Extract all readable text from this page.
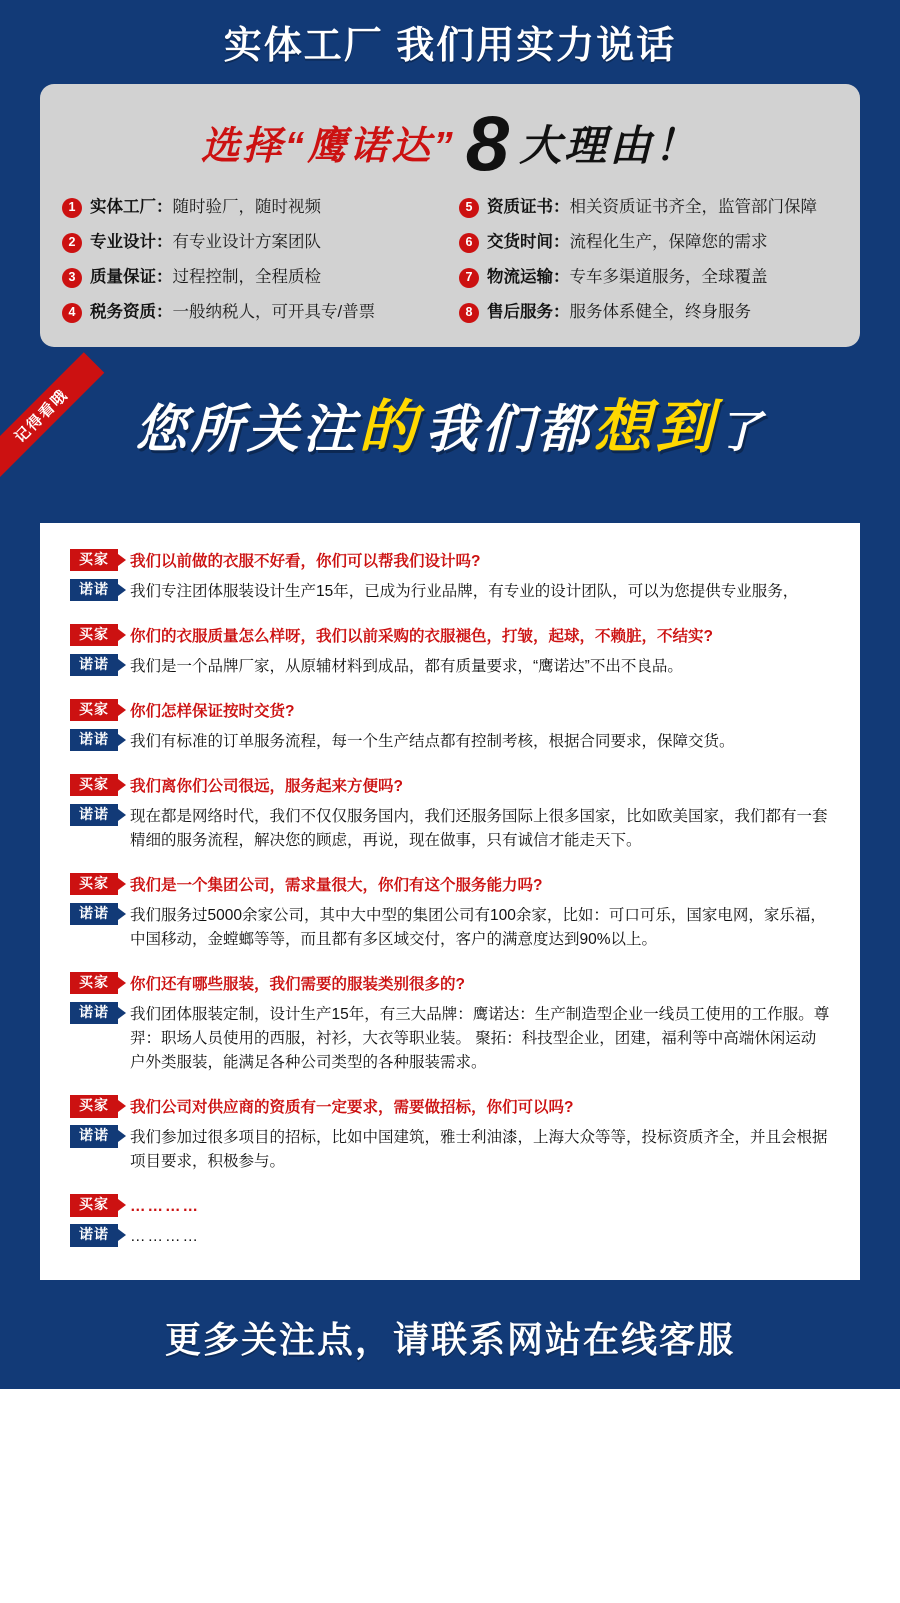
实体工厂 我们用实力说话
选择“鹰诺达” 8 大理由！
1 实体工厂：随时验厂，随时视频	5 资质证书：相关资质证书齐全，监管部门保障
2 专业设计：有专业设计方案团队	6 交货时间：流程化生产，保障您的需求
3 质量保证：过程控制，全程质检	7 物流运输：专车多渠道服务，全球覆盖
4 税务资质：一般纳税人，可开具专/普票	8 售后服务：服务体系健全，终身服务
记得看哦	您所关注的 我们都想到了
买家	我们以前做的衣服不好看，你们可以帮我们设计吗?
诺诺	我们专注团体服装设计生产15年，已成为行业品牌，有专业的设计团队，可以为您提供专业服务，
买家	你们的衣服质量怎么样呀，我们以前采购的衣服褪色，打皱，起球，不赖脏，不结实?
诺诺	我们是一个品牌厂家，从原辅材料到成品，都有质量要求，“鹰诺达”不出不良品。
买家	你们怎样保证按时交货?
诺诺	我们有标准的订单服务流程，每一个生产结点都有控制考核，根据合同要求，保障交货。
买家	我们离你们公司很远，服务起来方便吗?
诺诺	现在都是网络时代，我们不仅仅服务国内，我们还服务国际上很多国家，比如欧美国家，我们都有一套精细的服务流程，解决您的顾虑，再说，现在做事，只有诚信才能走天下。
买家	我们是一个集团公司，需求量很大，你们有这个服务能力吗?
诺诺	我们服务过5000余家公司，其中大中型的集团公司有100余家，比如：可口可乐，国家电网，家乐福，中国移动，金螳螂等等，而且都有多区域交付，客户的满意度达到90%以上。
买家	你们还有哪些服装，我们需要的服装类别很多的?
诺诺	我们团体服装定制，设计生产15年，有三大品牌：鹰诺达：生产制造型企业一线员工使用的工作服。尊羿：职场人员使用的西服，衬衫，大衣等职业装。 聚拓：科技型企业，团建，福利等中高端休闲运动户外类服装，能满足各种公司类型的各种服装需求。
买家	我们公司对供应商的资质有一定要求，需要做招标，你们可以吗?
诺诺	我们参加过很多项目的招标，比如中国建筑，雅士利油漆，上海大众等等，投标资质齐全，并且会根据项目要求，积极参与。
买家	…………
诺诺	…………
更多关注点，请联系网站在线客服
